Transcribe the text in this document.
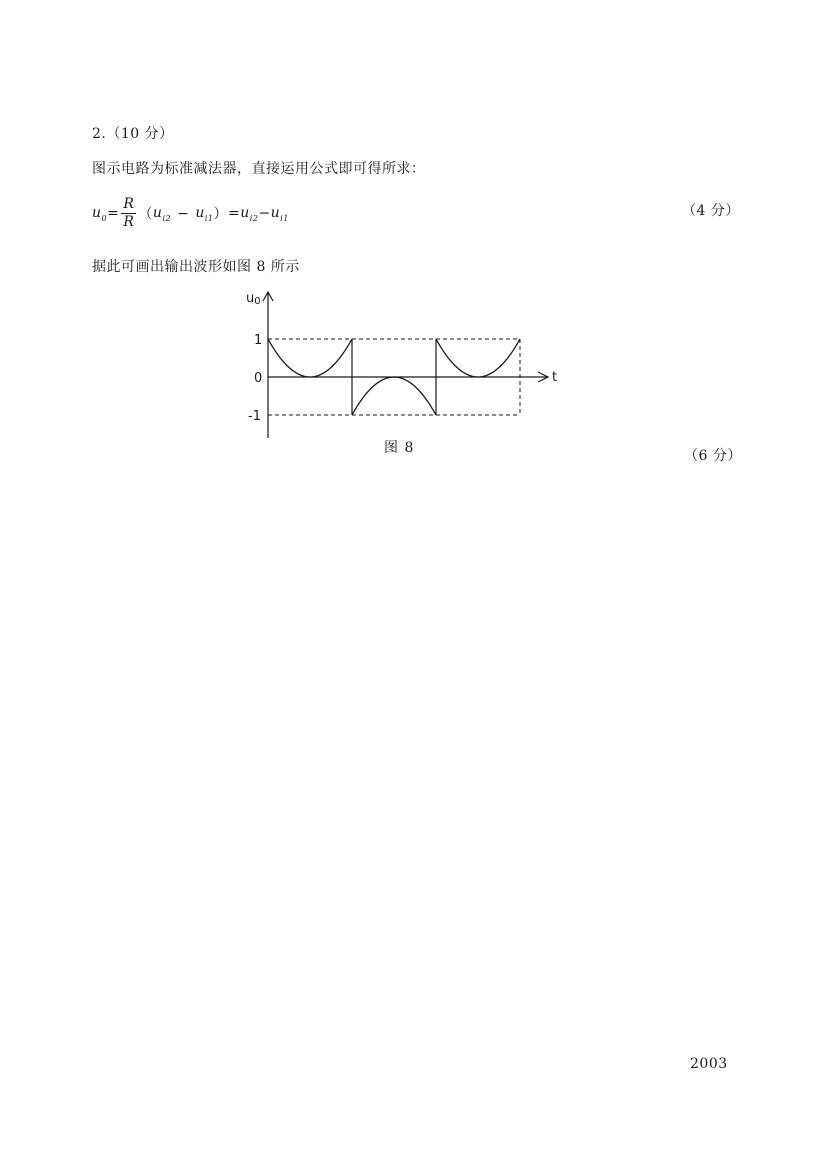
2.（10 分）
图示电路为标准减法器，直接运用公式即可得所求：
$u_0= \frac{R}{R} (u_{i2} - u_{i1})=u_{i2}-u_{i1}$	（4 分）
据此可画出输出波形如图 8 所示
u0
t
1
0
-1
图 8	（6 分）
2003
